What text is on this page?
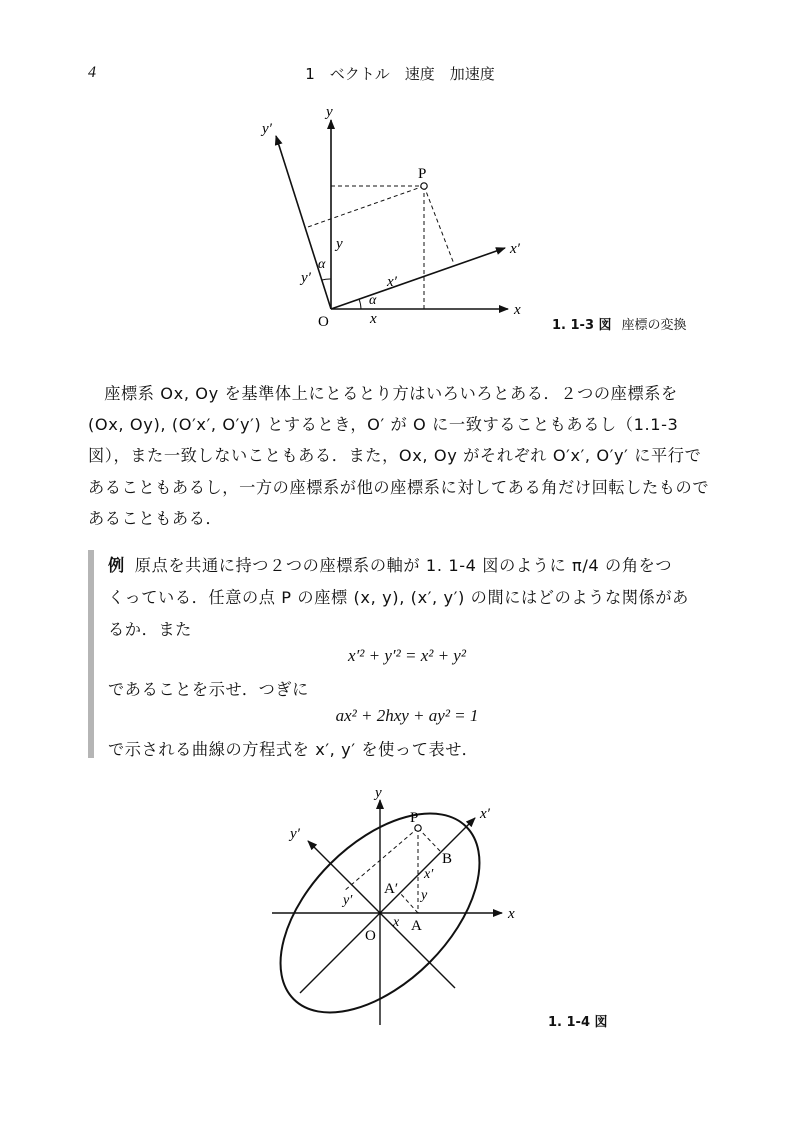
4	1　ベクトル　速度　加速度
y
y′
x
x′
P
O
α
α
y
y′	x′
x	1. 1-3 図 座標の変換
座標系 Ox, Oy を基準体上にとるとり方はいろいろとある．２つの座標系を (Ox, Oy), (O′x′, O′y′) とするとき，O′ が O に一致することもあるし（1.1-3 図），また一致しないこともある．また，Ox, Oy がそれぞれ O′x′, O′y′ に平行であることもあるし，一方の座標系が他の座標系に対してある角だけ回転したものであることもある．
例 原点を共通に持つ２つの座標系の軸が 1. 1-4 図のように π/4 の角をつ
くっている．任意の点 P の座標 (x, y), (x′, y′) の間にはどのような関係があ
るか．また
x′² + y′² = x² + y²
であることを示せ．つぎに
ax² + 2hxy + ay² = 1
で示される曲線の方程式を x′, y′ を使って表せ．
y
x
x′
y′
P
O
A
A′
B
x′
y
x
y′
1. 1-4 図
